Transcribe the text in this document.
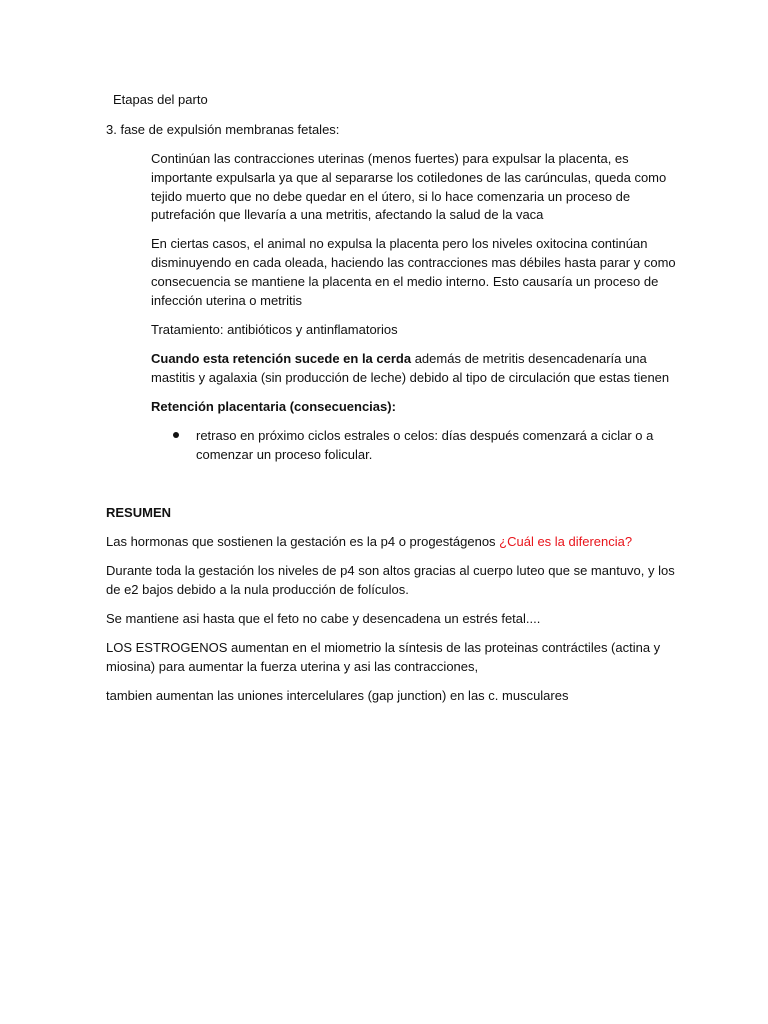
Etapas del parto

3. fase de expulsión membranas fetales:

Continúan las contracciones uterinas (menos fuertes) para expulsar la placenta, es

importante expulsarla ya que al separarse los cotiledones de las carúnculas, queda como

tejido muerto que no debe quedar en el útero, si lo hace comenzaria un proceso de

putrefación que llevaría a una metritis, afectando la salud de la vaca

En ciertas casos, el animal no expulsa la placenta pero los niveles oxitocina continúan

disminuyendo en cada oleada, haciendo las contracciones mas débiles hasta parar y como

consecuencia se mantiene la placenta en el medio interno. Esto causaría un proceso de

infección uterina o metritis

Tratamiento: antibióticos y antinflamatorios

Cuando esta retención sucede en la cerda además de metritis desencadenaría una

mastitis y agalaxia (sin producción de leche) debido al tipo de circulación que estas tienen

Retención placentaria (consecuencias):

retraso en próximo ciclos estrales o celos: días después comenzará a ciclar o a

comenzar un proceso folicular.

RESUMEN

Las hormonas que sostienen la gestación es la p4 o progestágenos ¿Cuál es la diferencia?

Durante toda la gestación los niveles de p4 son altos gracias al cuerpo luteo que se mantuvo, y los

de e2 bajos debido a la nula producción de folículos.

Se mantiene asi hasta que el feto no cabe y desencadena un estrés fetal....

LOS ESTROGENOS aumentan en el miometrio la síntesis de las proteinas contráctiles (actina y

miosina) para aumentar la fuerza uterina y asi las contracciones,

tambien aumentan las uniones intercelulares (gap junction) en las c. musculares
